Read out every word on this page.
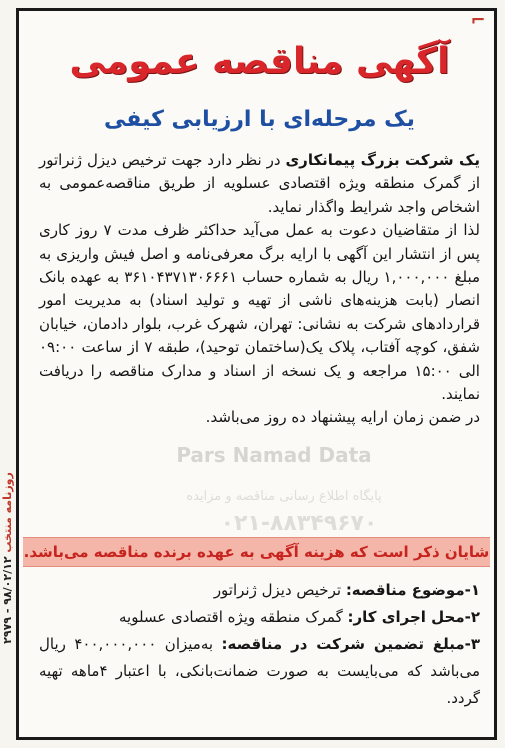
روزنامه منتخب ۹۸/۰۲/۱۲ - ۲۹۷۹
⌐
آگهی مناقصه عمومی
یک مرحله‌ای با ارزیابی کیفی
Pars Namad Data
پایگاه اطلاع رسانی مناقصه و مزایده
۰۲۱-۸۸۳۴۹۶۷۰

یک شرکت بزرگ پیمانکاری در نظر دارد جهت ترخیص دیزل ژنراتور از گمرک منطقه ویژه اقتصادی عسلویه از طریق مناقصه‌عمومی به اشخاص واجد شرایط واگذار نماید.

لذا از متقاضیان دعوت به عمل می‌آید حداکثر ظرف مدت ۷ روز کاری پس از انتشار این آگهی با ارایه برگ معرفی‌نامه و اصل فیش واریزی به مبلغ ۱,۰۰۰,۰۰۰ ریال به شماره حساب ۳۶۱۰۴۳۷۱۳۰۶۶۶۱ به عهده بانک انصار (بابت هزینه‌های ناشی از تهیه و تولید اسناد) به مدیریت امور قراردادهای شرکت به نشانی: تهران، شهرک غرب، بلوار دادمان، خیابان شفق، کوچه آفتاب، پلاک یک(ساختمان توحید)، طبقه ۷ از ساعت ۰۹:۰۰ الی ۱۵:۰۰ مراجعه و یک نسخه از اسناد و مدارک مناقصه را دریافت نمایند.

در ضمن زمان ارایه پیشنهاد ده روز می‌باشد.

شایان ذکر است که هزینه آگهی به عهده برنده مناقصه می‌باشد.

۱-موضوع مناقصه: ترخیص دیزل ژنراتور

۲-محل اجرای کار: گمرک منطقه ویژه اقتصادی عسلویه

۳-مبلغ تضمین شرکت در مناقصه: به‌میزان ۴۰۰,۰۰۰,۰۰۰ ریال می‌باشد که می‌بایست به صورت ضمانت‌بانکی، با اعتبار ۴ماهه تهیه گردد.
